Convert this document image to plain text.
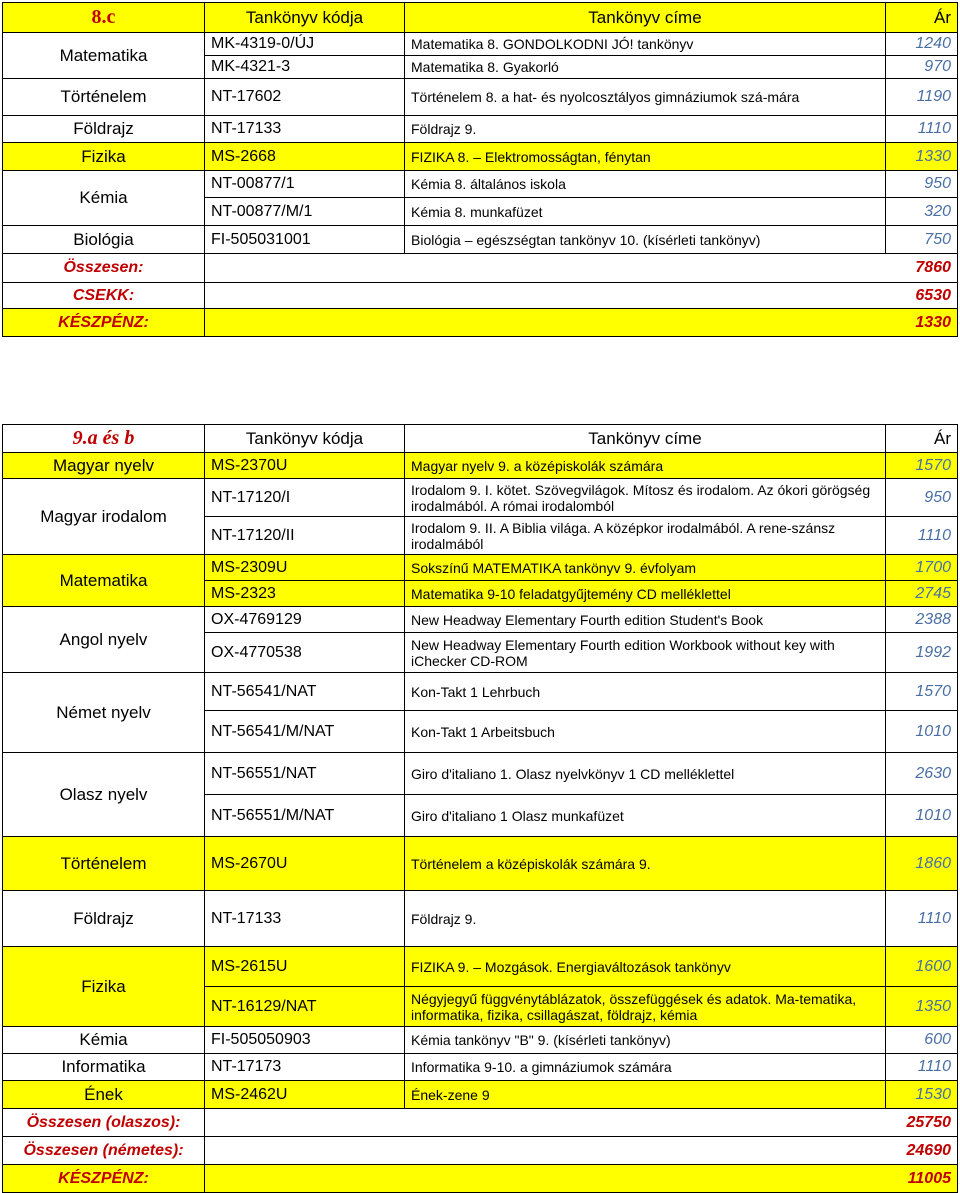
8.c	Tankönyv kódja	Tankönyv címe	Ár
Matematika	MK-4319-0/ÚJ	Matematika 8. GONDOLKODNI JÓ! tankönyv	1240
	MK-4321-3	Matematika 8. Gyakorló	970
Történelem	NT-17602	Történelem 8. a hat- és nyolcosztályos gimnáziumok szá-mára	1190
Földrajz	NT-17133	Földrajz 9.	1110
Fizika	MS-2668	FIZIKA 8. – Elektromosságtan, fénytan	1330
Kémia	NT-00877/1	Kémia 8. általános iskola	950
	NT-00877/M/1	Kémia 8. munkafüzet	320
Biológia	FI-505031001	Biológia – egészségtan tankönyv 10. (kísérleti tankönyv)	750
Összesen:	7860		
CSEKK:	6530		
KÉSZPÉNZ:	1330		
9.a és b	Tankönyv kódja	Tankönyv címe	Ár
Magyar nyelv	MS-2370U	Magyar nyelv 9. a középiskolák számára	1570
Magyar irodalom	NT-17120/I	Irodalom 9. I. kötet. Szövegvilágok. Mítosz és irodalom. Az ókori görögség irodalmából. A római irodalomból	950
	NT-17120/II	Irodalom 9. II. A Biblia világa. A középkor irodalmából. A rene-szánsz irodalmából	1110
Matematika	MS-2309U	Sokszínű MATEMATIKA tankönyv 9. évfolyam	1700
	MS-2323	Matematika 9-10 feladatgyűjtemény CD melléklettel	2745
Angol nyelv	OX-4769129	New Headway Elementary Fourth edition Student's Book	2388
	OX-4770538	New Headway Elementary Fourth edition Workbook without key with iChecker CD-ROM	1992
Német nyelv	NT-56541/NAT	Kon-Takt 1 Lehrbuch	1570
	NT-56541/M/NAT	Kon-Takt 1 Arbeitsbuch	1010
Olasz nyelv	NT-56551/NAT	Giro d'italiano 1. Olasz nyelvkönyv 1 CD melléklettel	2630
	NT-56551/M/NAT	Giro d'italiano 1 Olasz munkafüzet	1010
Történelem	MS-2670U	Történelem a középiskolák számára 9.	1860
Földrajz	NT-17133	Földrajz 9.	1110
Fizika	MS-2615U	FIZIKA 9. – Mozgások. Energiaváltozások tankönyv	1600
	NT-16129/NAT	Négyjegyű függvénytáblázatok, összefüggések és adatok. Ma-tematika, informatika, fizika, csillagászat, földrajz, kémia	1350
Kémia	FI-505050903	Kémia tankönyv "B" 9. (kísérleti tankönyv)	600
Informatika	NT-17173	Informatika 9-10. a gimnáziumok számára	1110
Ének	MS-2462U	Ének-zene 9	1530
Összesen (olaszos):	25750		
Összesen (németes):	24690		
KÉSZPÉNZ:	11005		
